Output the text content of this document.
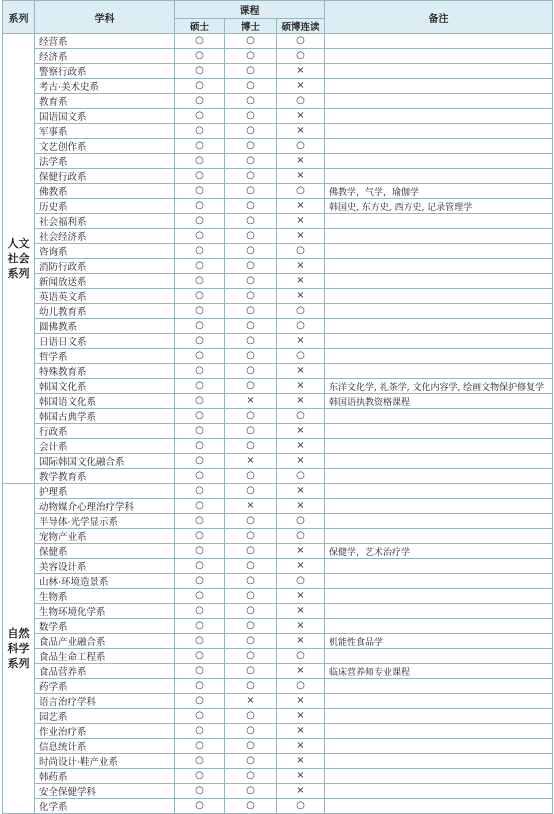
系列	学科	课程			备注
		硕士	博士	硕博连读	
人文社会系列	经营系	○	○	○	
	经济系	○	○	○	
	警察行政系	○	○	×	
	考古·美术史系	○	○	×	
	教育系	○	○	○	
	国语国文系	○	○	×	
	军事系	○	○	×	
	文艺创作系	○	○	○	
	法学系	○	○	×	
	保健行政系	○	○	×	
	佛教系	○	○	○	佛教学，气学，瑜伽学
	历史系	○	○	×	韩国史, 东方史, 西方史, 记录管理学
	社会福利系	○	○	×	
	社会经济系	○	○	×	
	咨询系	○	○	○	
	消防行政系	○	○	×	
	新闻放送系	○	○	×	
	英语英文系	○	○	×	
	幼儿教育系	○	○	○	
	圆佛教系	○	○	○	
	日语日文系	○	○	×	
	哲学系	○	○	○	
	特殊教育系	○	○	×	
	韩国文化系	○	○	×	东洋文化学, 礼茶学, 文化内容学, 绘画文物保护修复学
	韩国语文化系	○	×	×	韩国语执教资格课程
	韩国古典学系	○	○	○	
	行政系	○	○	×	
	会计系	○	○	×	
	国际韩国文化融合系	○	×	×	
	教学教育系	○	○	○	
自然科学系列	护理系	○	○	×	
	动物媒介心理治疗学科	○	×	×	
	半导体·光学显示系	○	○	○	
	宠物产业系	○	○	○	
	保健系	○	○	×	保健学，艺术治疗学
	美容设计系	○	○	×	
	山林·环境造景系	○	○	○	
	生物系	○	○	×	
	生物环境化学系	○	○	×	
	数学系	○	○	×	
	食品产业融合系	○	○	×	机能性食品学
	食品生命工程系	○	○	○	
	食品营养系	○	○	×	临床营养师专业课程
	药学系	○	○	○	
	语言治疗学科	○	×	×	
	园艺系	○	○	×	
	作业治疗系	○	○	×	
	信息统计系	○	○	×	
	时尚设计·鞋产业系	○	○	×	
	韩药系	○	○	×	
	安全保健学科	○	○	×	
	化学系	○	○	○	
